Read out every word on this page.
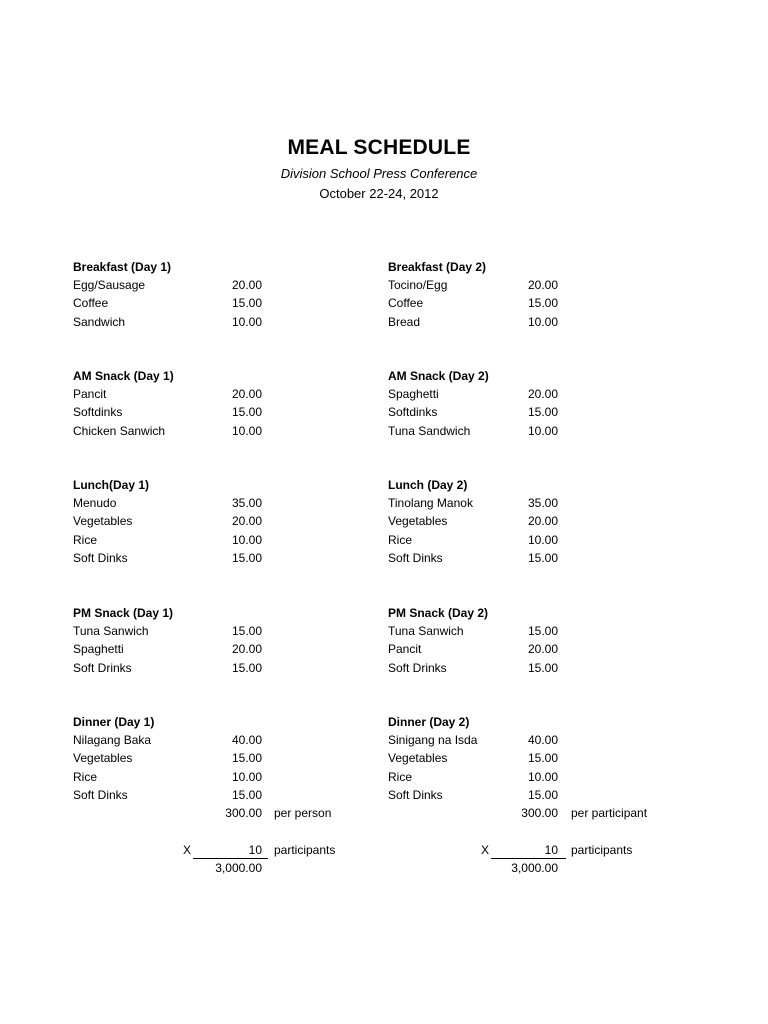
MEAL SCHEDULE
Division School Press Conference
October 22-24, 2012
Breakfast (Day 1)
Egg/Sausage	20.00
Coffee	15.00
Sandwich	10.00
AM Snack (Day 1)
Pancit	20.00
Softdinks	15.00
Chicken Sanwich	10.00
Lunch(Day 1)
Menudo	35.00
Vegetables	20.00
Rice	10.00
Soft Dinks	15.00
PM Snack (Day 1)
Tuna Sanwich	15.00
Spaghetti	20.00
Soft Drinks	15.00
Dinner (Day 1)
Nilagang Baka	40.00
Vegetables	15.00
Rice	10.00
Soft Dinks	15.00
300.00 per person
X	10 participants
3,000.00
Breakfast (Day 2)
Tocino/Egg	20.00
Coffee	15.00
Bread	10.00
AM Snack (Day 2)
Spaghetti	20.00
Softdinks	15.00
Tuna Sandwich	10.00
Lunch (Day 2)
Tinolang Manok	35.00
Vegetables	20.00
Rice	10.00
Soft Dinks	15.00
PM Snack (Day 2)
Tuna Sanwich	15.00
Pancit	20.00
Soft Drinks	15.00
Dinner (Day 2)
Sinigang na Isda	40.00
Vegetables	15.00
Rice	10.00
Soft Dinks	15.00
300.00 per participant
X	10 participants
3,000.00
